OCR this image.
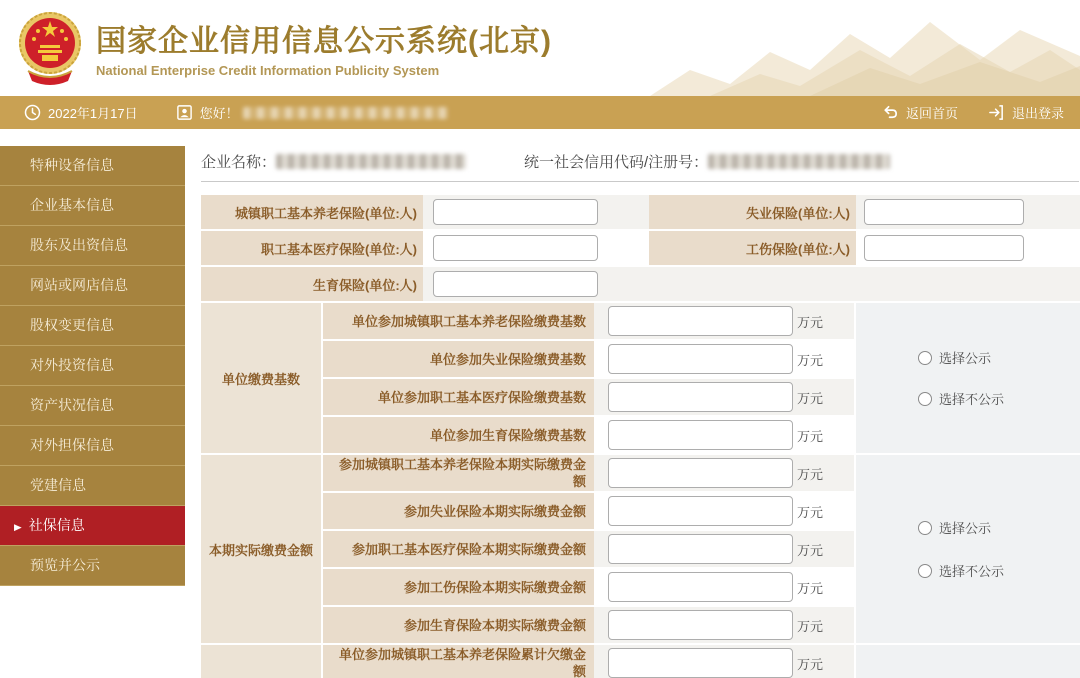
国家企业信用信息公示系统(北京)
National Enterprise Credit Information Publicity System
2022年1月17日	您好！	返回首页	退出登录
特种设备信息
企业基本信息
股东及出资信息
网站或网店信息
股权变更信息
对外投资信息
资产状况信息
对外担保信息
党建信息
▶ 社保信息
预览并公示
企业名称：	统一社会信用代码/注册号：
城镇职工基本养老保险(单位:人)	失业保险(单位:人)
职工基本医疗保险(单位:人)	工伤保险(单位:人)
生育保险(单位:人)
单位缴费基数
单位参加城镇职工基本养老保险缴费基数	万元
单位参加失业保险缴费基数	万元
单位参加职工基本医疗保险缴费基数	万元
单位参加生育保险缴费基数	万元
选择公示
选择不公示
本期实际缴费金额
参加城镇职工基本养老保险本期实际缴费金额	万元
参加失业保险本期实际缴费金额	万元
参加职工基本医疗保险本期实际缴费金额	万元
参加工伤保险本期实际缴费金额	万元
参加生育保险本期实际缴费金额	万元
选择公示
选择不公示
单位参加城镇职工基本养老保险累计欠缴金额	万元
